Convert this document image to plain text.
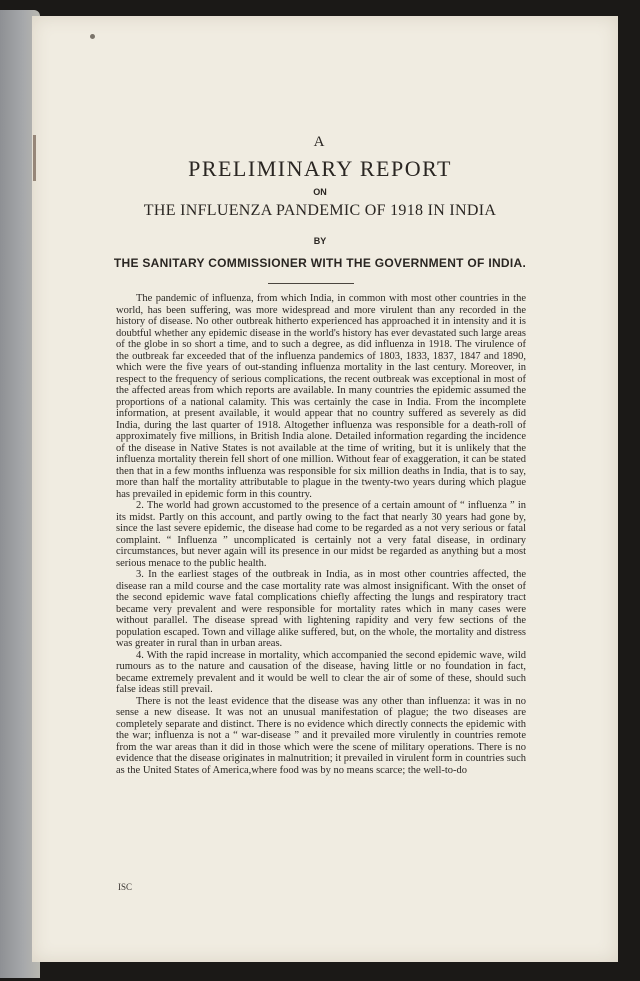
A
PRELIMINARY REPORT
ON
THE INFLUENZA PANDEMIC OF 1918 IN INDIA
BY
THE SANITARY COMMISSIONER WITH THE GOVERNMENT OF INDIA.

The pandemic of influenza, from which India, in common with most other countries in the world, has been suffering, was more widespread and more virulent than any recorded in the history of disease. No other outbreak hitherto experienced has approached it in intensity and it is doubtful whether any epidemic disease in the world's history has ever devastated such large areas of the globe in so short a time, and to such a degree, as did influenza in 1918. The virulence of the outbreak far exceeded that of the influenza pandemics of 1803, 1833, 1837, 1847 and 1890, which were the five years of out-standing influenza mortality in the last century. Moreover, in respect to the frequency of serious complications, the recent outbreak was exceptional in most of the affected areas from which reports are available. In many countries the epidemic assumed the proportions of a national calamity. This was certainly the case in India. From the incomplete information, at present available, it would appear that no country suffered as severely as did India, during the last quarter of 1918. Altogether influenza was responsible for a death-roll of approximately five millions, in British India alone. Detailed information regarding the incidence of the disease in Native States is not available at the time of writing, but it is unlikely that the influenza mortality therein fell short of one million. Without fear of exaggeration, it can be stated then that in a few months influenza was responsible for six million deaths in India, that is to say, more than half the mortality attributable to plague in the twenty-two years during which plague has prevailed in epidemic form in this country.

2. The world had grown accustomed to the presence of a certain amount of “ influenza ” in its midst. Partly on this account, and partly owing to the fact that nearly 30 years had gone by, since the last severe epidemic, the disease had come to be regarded as a not very serious or fatal complaint. “ Influenza ” uncomplicated is certainly not a very fatal disease, in ordinary circumstances, but never again will its presence in our midst be regarded as anything but a most serious menace to the public health.

3. In the earliest stages of the outbreak in India, as in most other countries affected, the disease ran a mild course and the case mortality rate was almost insignificant. With the onset of the second epidemic wave fatal complications chiefly affecting the lungs and respiratory tract became very prevalent and were responsible for mortality rates which in many cases were without parallel. The disease spread with lightening rapidity and very few sections of the population escaped. Town and village alike suffered, but, on the whole, the mortality and distress was greater in rural than in urban areas.

4. With the rapid increase in mortality, which accompanied the second epidemic wave, wild rumours as to the nature and causation of the disease, having little or no foundation in fact, became extremely prevalent and it would be well to clear the air of some of these, should such false ideas still prevail.

There is not the least evidence that the disease was any other than influenza: it was in no sense a new disease. It was not an unusual manifestation of plague; the two diseases are completely separate and distinct. There is no evidence which directly connects the epidemic with the war; influenza is not a “ war-disease ” and it prevailed more virulently in countries remote from the war areas than it did in those which were the scene of military operations. There is no evidence that the disease originates in malnutrition; it prevailed in virulent form in countries such as the United States of America,where food was by no means scarce; the well-to-do

ISC
